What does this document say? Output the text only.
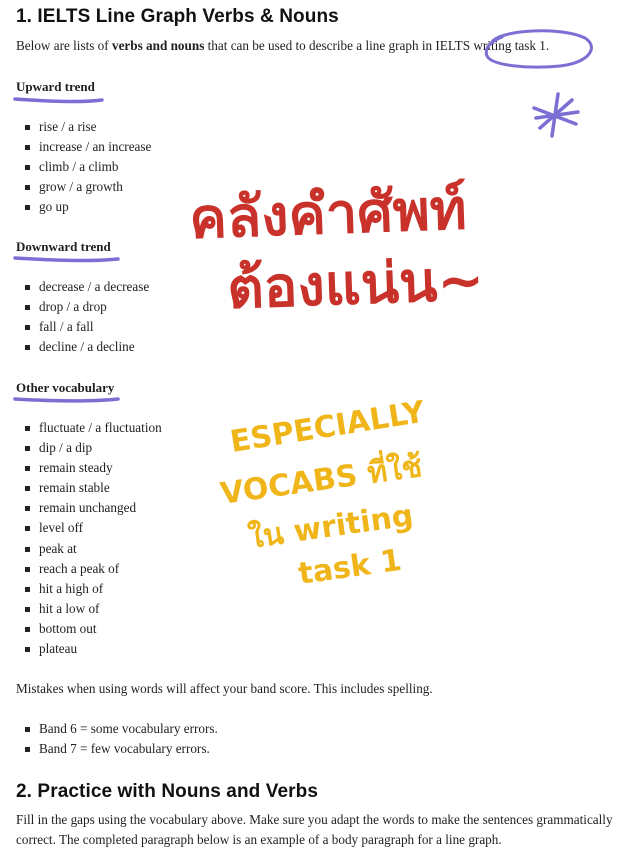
1. IELTS Line Graph Verbs & Nouns

Below are lists of verbs and nouns that can be used to describe a line graph in IELTS writing task 1.

Upward trend

rise / a rise
increase / an increase
climb / a climb
grow / a growth
go up

Downward trend

decrease / a decrease
drop / a drop
fall / a fall
decline / a decline

Other vocabulary

fluctuate / a fluctuation
dip / a dip
remain steady
remain stable
remain unchanged
level off
peak at
reach a peak of
hit a high of
hit a low of
bottom out
plateau

Mistakes when using words will affect your band score. This includes spelling.

Band 6 = some vocabulary errors.
Band 7 = few vocabulary errors.
2. Practice with Nouns and Verbs

Fill in the gaps using the vocabulary above. Make sure you adapt the words to make the sentences grammatically correct. The completed paragraph below is an example of a body paragraph for a line graph.

คลังคำศัพท์
ต้องแน่น~
ESPECIALLY
VOCABS ที่ใช้
ใน writing
task 1
